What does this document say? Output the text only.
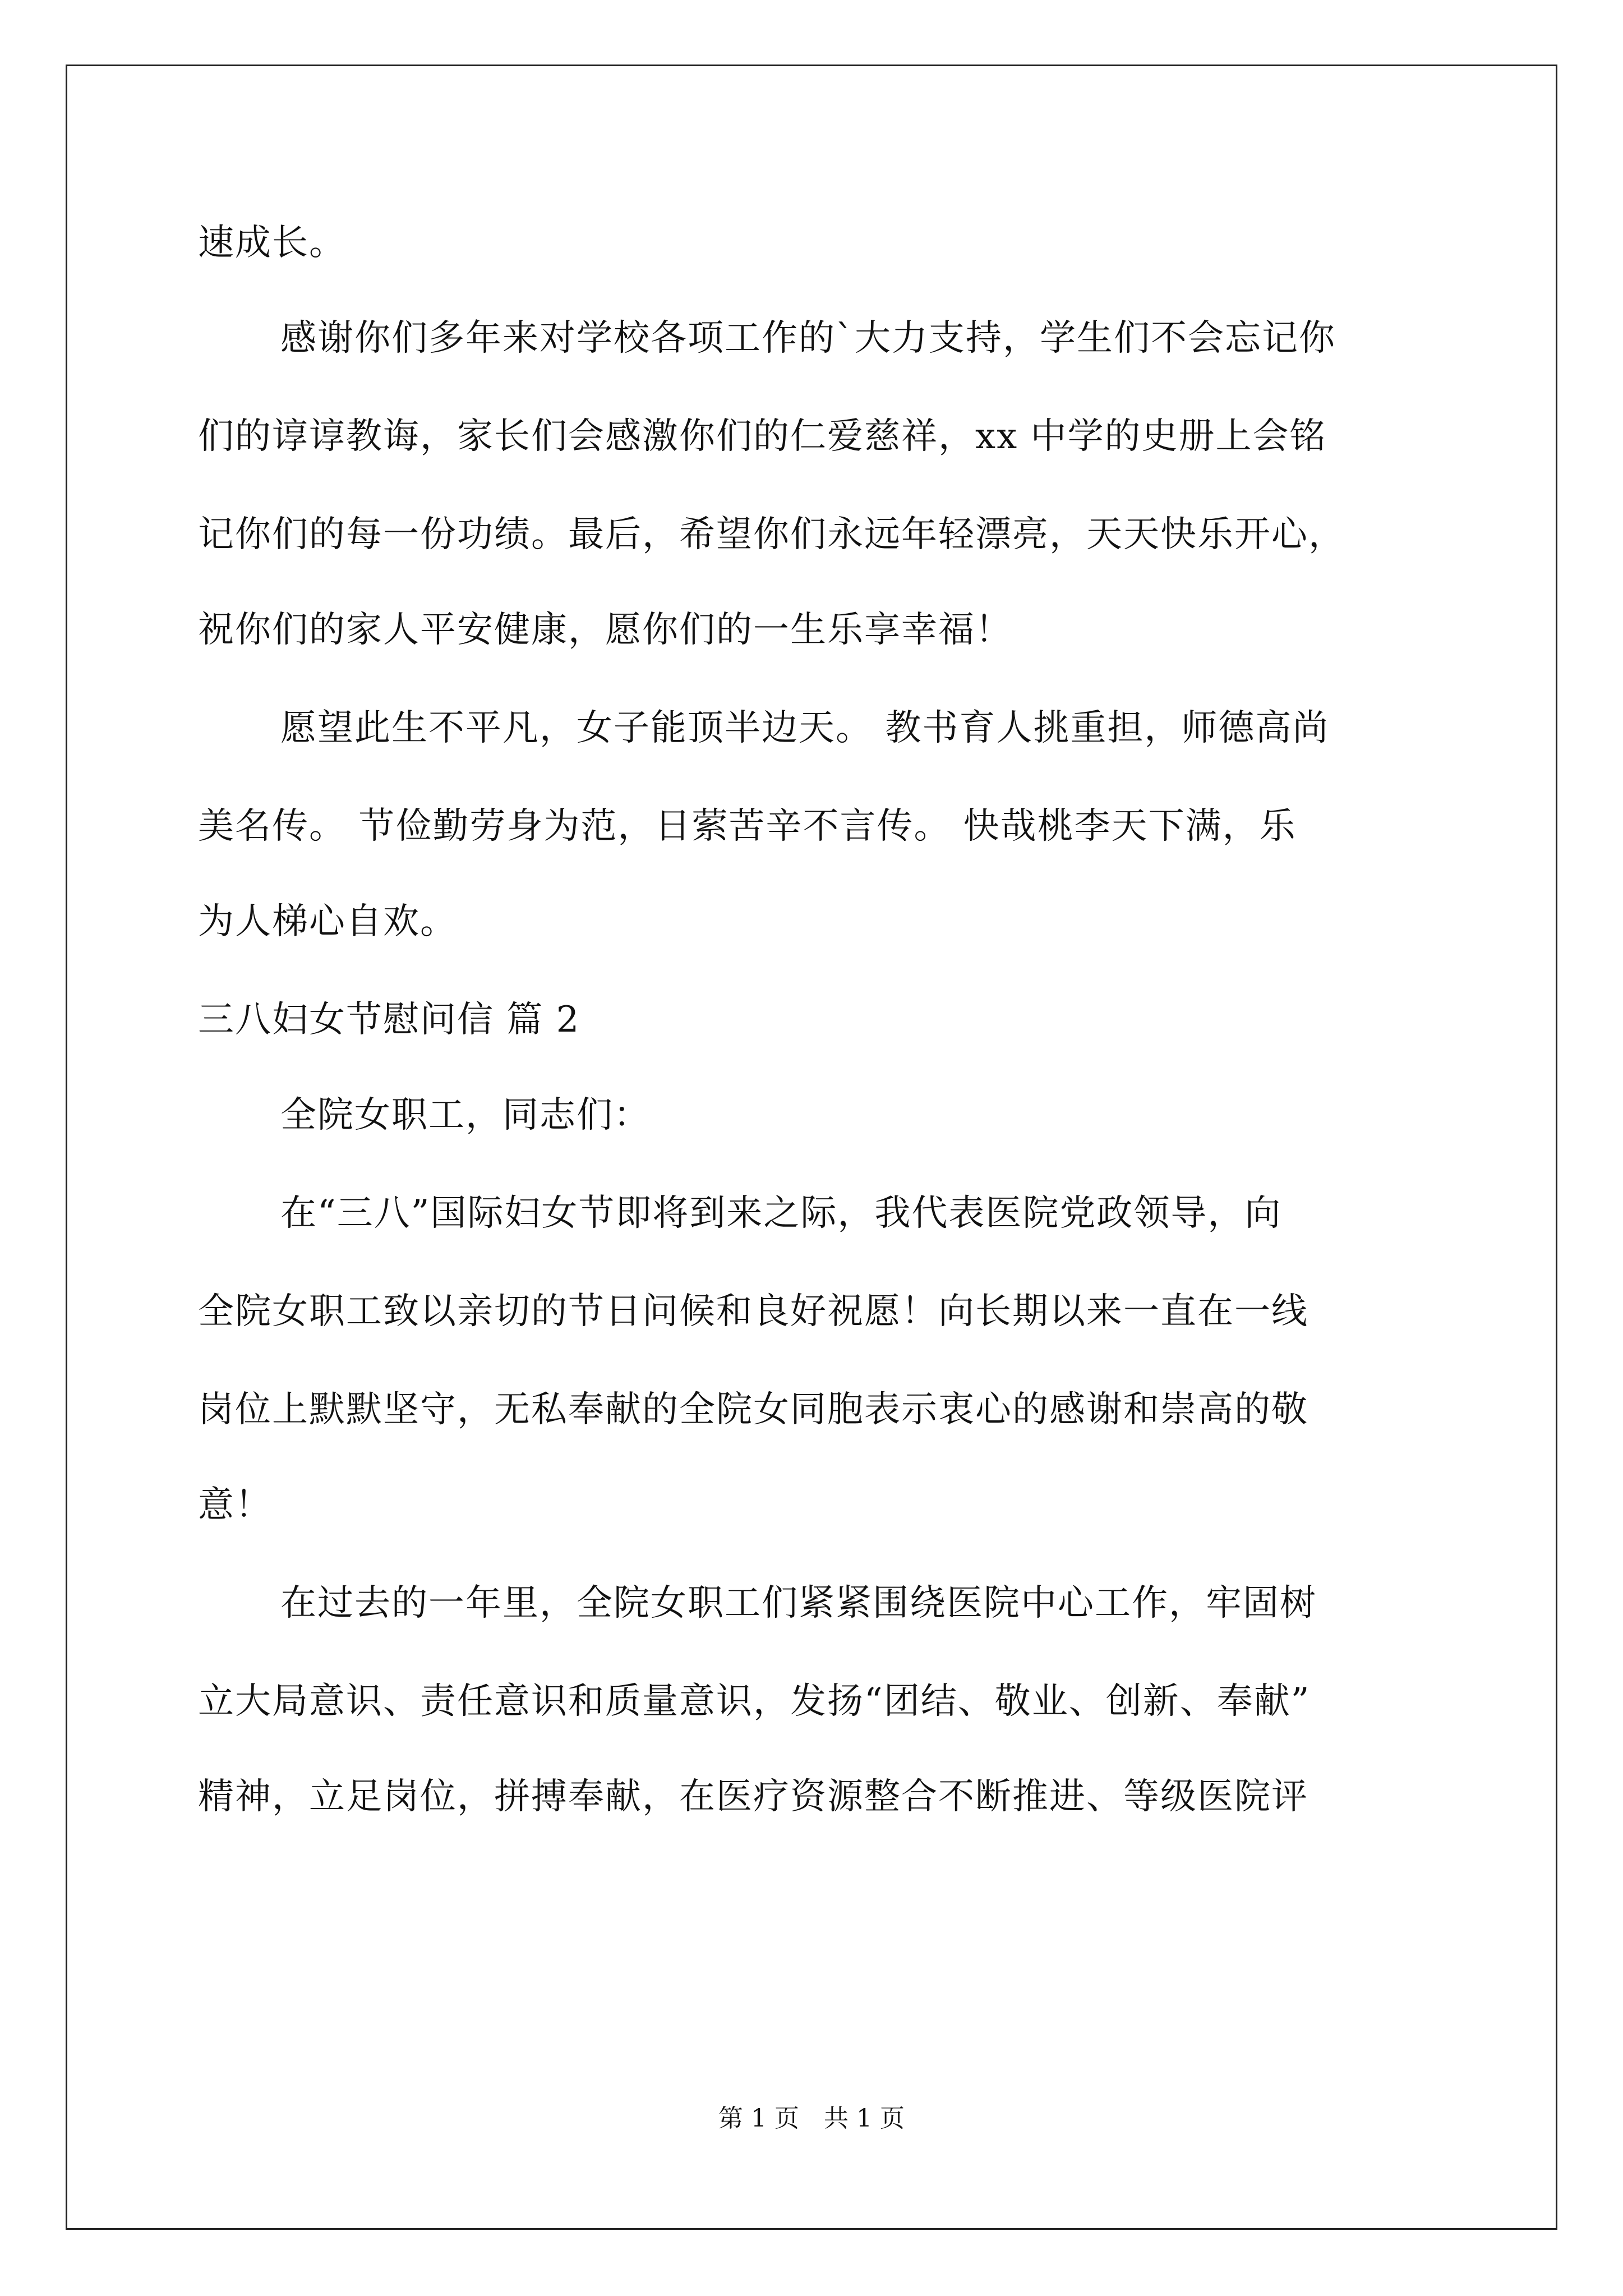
速成长。
感谢你们多年来对学校各项工作的`大力支持，学生们不会忘记你
们的谆谆教诲，家长们会感激你们的仁爱慈祥，xx 中学的史册上会铭
记你们的每一份功绩。最后，希望你们永远年轻漂亮，天天快乐开心，
祝你们的家人平安健康，愿你们的一生乐享幸福！
愿望此生不平凡，女子能顶半边天。 教书育人挑重担，师德高尚
美名传。 节俭勤劳身为范，日萦苦辛不言传。 快哉桃李天下满，乐
为人梯心自欢。
三八妇女节慰问信 篇 2
全院女职工，同志们：
在“三八”国际妇女节即将到来之际，我代表医院党政领导，向
全院女职工致以亲切的节日问候和良好祝愿！向长期以来一直在一线
岗位上默默坚守，无私奉献的全院女同胞表示衷心的感谢和崇高的敬
意！
在过去的一年里，全院女职工们紧紧围绕医院中心工作，牢固树
立大局意识、责任意识和质量意识，发扬“团结、敬业、创新、奉献”
精神，立足岗位，拼搏奉献，在医疗资源整合不断推进、等级医院评
第 1 页　共 1 页
